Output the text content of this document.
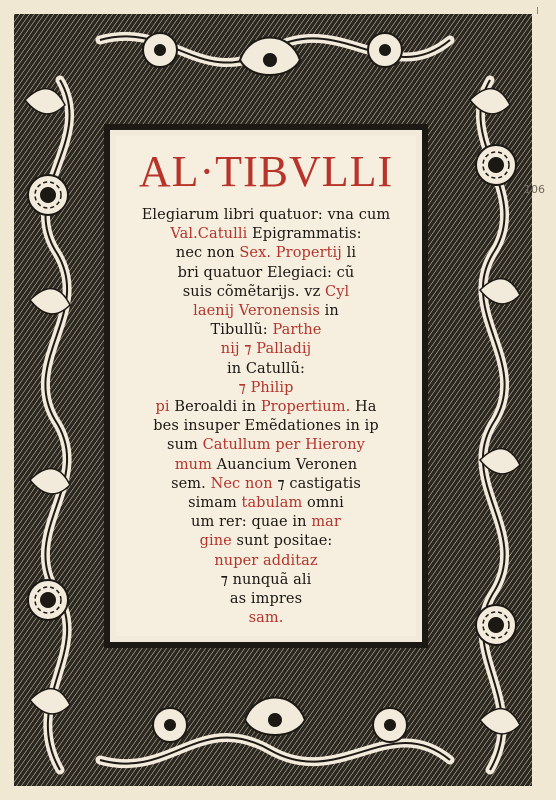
AL·TIBVLLI
Elegiarum libri quatuor: vna cum
Val.Catulli Epigrammatis:
nec non Sex. Propertij li
bri quatuor Elegiaci: cũ
suis cõmẽtarijs. vz Cyl
laenij Veronensis in
Tibullũ: Parthe
nij ⁊ Palladij
in Catullũ:
⁊ Philip
pi Beroaldi in Propertium. Ha
bes insuper Emẽdationes in ip
sum Catullum per Hierony
mum Auancium Veronen
sem. Nec non ⁊ castigatis
simam tabulam omni
um rer: quae in mar
gine sunt positae:
nuper additaz
⁊ nunquã ali
as impres
sam.
106
I
